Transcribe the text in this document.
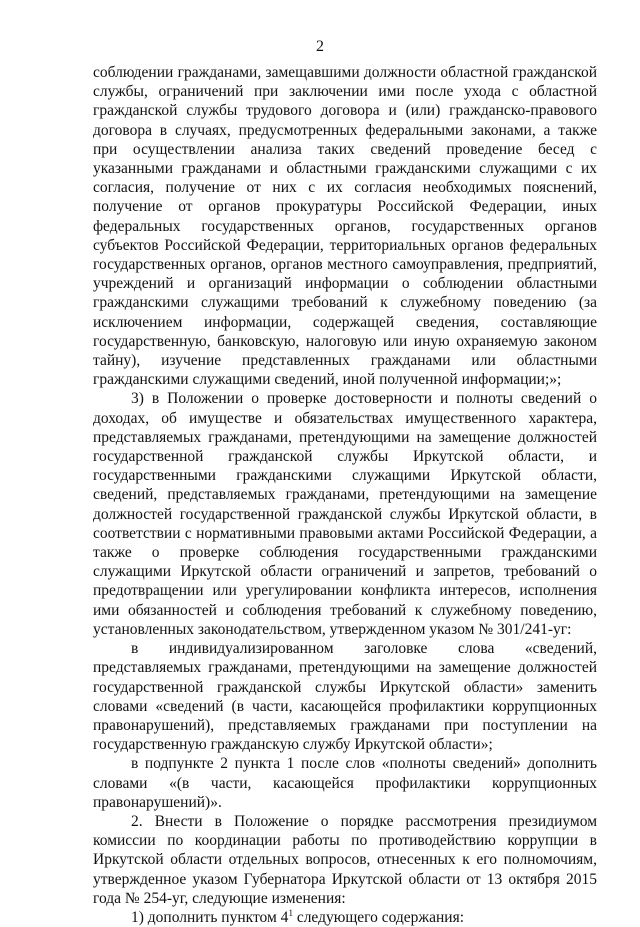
2

соблюдении гражданами, замещавшими должности областной гражданской службы, ограничений при заключении ими после ухода с областной гражданской службы трудового договора и (или) гражданско-правового договора в случаях, предусмотренных федеральными законами, а также при осуществлении анализа таких сведений проведение бесед с указанными гражданами и областными гражданскими служащими с их согласия, получение от них с их согласия необходимых пояснений, получение от органов прокуратуры Российской Федерации, иных федеральных государственных органов, государственных органов субъектов Российской Федерации, территориальных органов федеральных государственных органов, органов местного самоуправления, предприятий, учреждений и организаций информации о соблюдении областными гражданскими служащими требований к служебному поведению (за исключением информации, содержащей сведения, составляющие государственную, банковскую, налоговую или иную охраняемую законом тайну), изучение представленных гражданами или областными гражданскими служащими сведений, иной полученной информации;»;

3) в Положении о проверке достоверности и полноты сведений о доходах, об имуществе и обязательствах имущественного характера, представляемых гражданами, претендующими на замещение должностей государственной гражданской службы Иркутской области, и государственными гражданскими служащими Иркутской области, сведений, представляемых гражданами, претендующими на замещение должностей государственной гражданской службы Иркутской области, в соответствии с нормативными правовыми актами Российской Федерации, а также о проверке соблюдения государственными гражданскими служащими Иркутской области ограничений и запретов, требований о предотвращении или урегулировании конфликта интересов, исполнения ими обязанностей и соблюдения требований к служебному поведению, установленных законодательством, утвержденном указом № 301/241-уг:

в индивидуализированном заголовке слова «сведений, представляемых гражданами, претендующими на замещение должностей государственной гражданской службы Иркутской области» заменить словами «сведений (в части, касающейся профилактики коррупционных правонарушений), представляемых гражданами при поступлении на государственную гражданскую службу Иркутской области»;

в подпункте 2 пункта 1 после слов «полноты сведений» дополнить словами «(в части, касающейся профилактики коррупционных правонарушений)».

2. Внести в Положение о порядке рассмотрения президиумом комиссии по координации работы по противодействию коррупции в Иркутской области отдельных вопросов, отнесенных к его полномочиям, утвержденное указом Губернатора Иркутской области от 13 октября 2015 года № 254-уг, следующие изменения:

1) дополнить пунктом $4^1$ следующего содержания:
